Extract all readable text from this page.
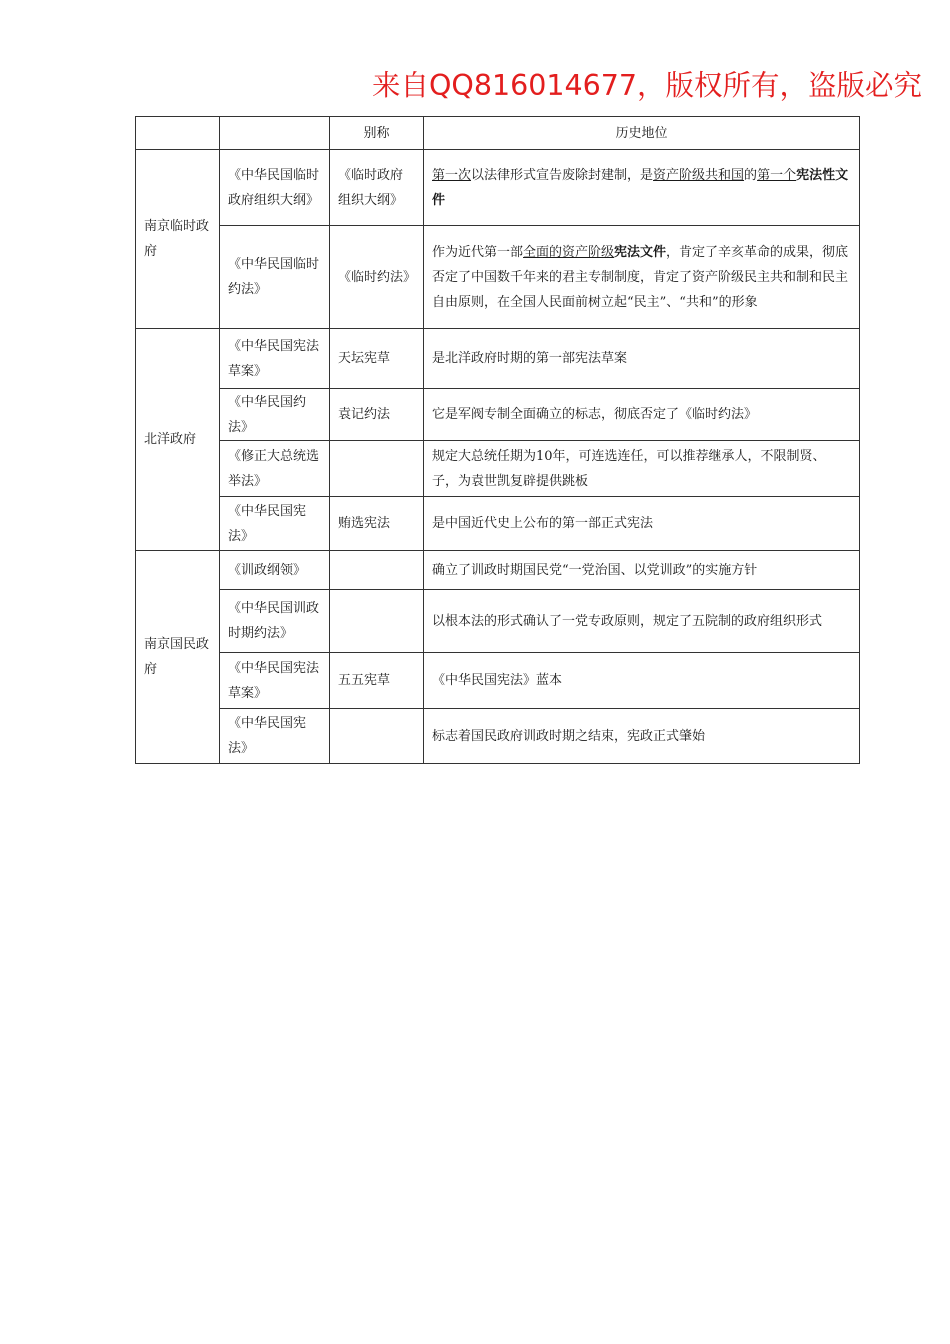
来自QQ816014677，版权所有，盗版必究
		别称	历史地位
南京临时政府	《中华民国临时政府组织大纲》	《临时政府组织大纲》	第一次以法律形式宣告废除封建制，是资产阶级共和国的第一个宪法性文件
	《中华民国临时约法》	《临时约法》	作为近代第一部全面的资产阶级宪法文件，肯定了辛亥革命的成果，彻底否定了中国数千年来的君主专制制度，肯定了资产阶级民主共和制和民主自由原则，在全国人民面前树立起“民主”、“共和”的形象
北洋政府	《中华民国宪法草案》	天坛宪草	是北洋政府时期的第一部宪法草案
	《中华民国约法》	袁记约法	它是军阀专制全面确立的标志，彻底否定了《临时约法》
	《修正大总统选举法》		规定大总统任期为10年，可连选连任，可以推荐继承人，不限制贤、子，为袁世凯复辟提供跳板
	《中华民国宪法》	贿选宪法	是中国近代史上公布的第一部正式宪法
南京国民政府	《训政纲领》		确立了训政时期国民党“一党治国、以党训政”的实施方针
	《中华民国训政时期约法》		以根本法的形式确认了一党专政原则，规定了五院制的政府组织形式
	《中华民国宪法草案》	五五宪草	《中华民国宪法》蓝本
	《中华民国宪法》		标志着国民政府训政时期之结束，宪政正式肇始
